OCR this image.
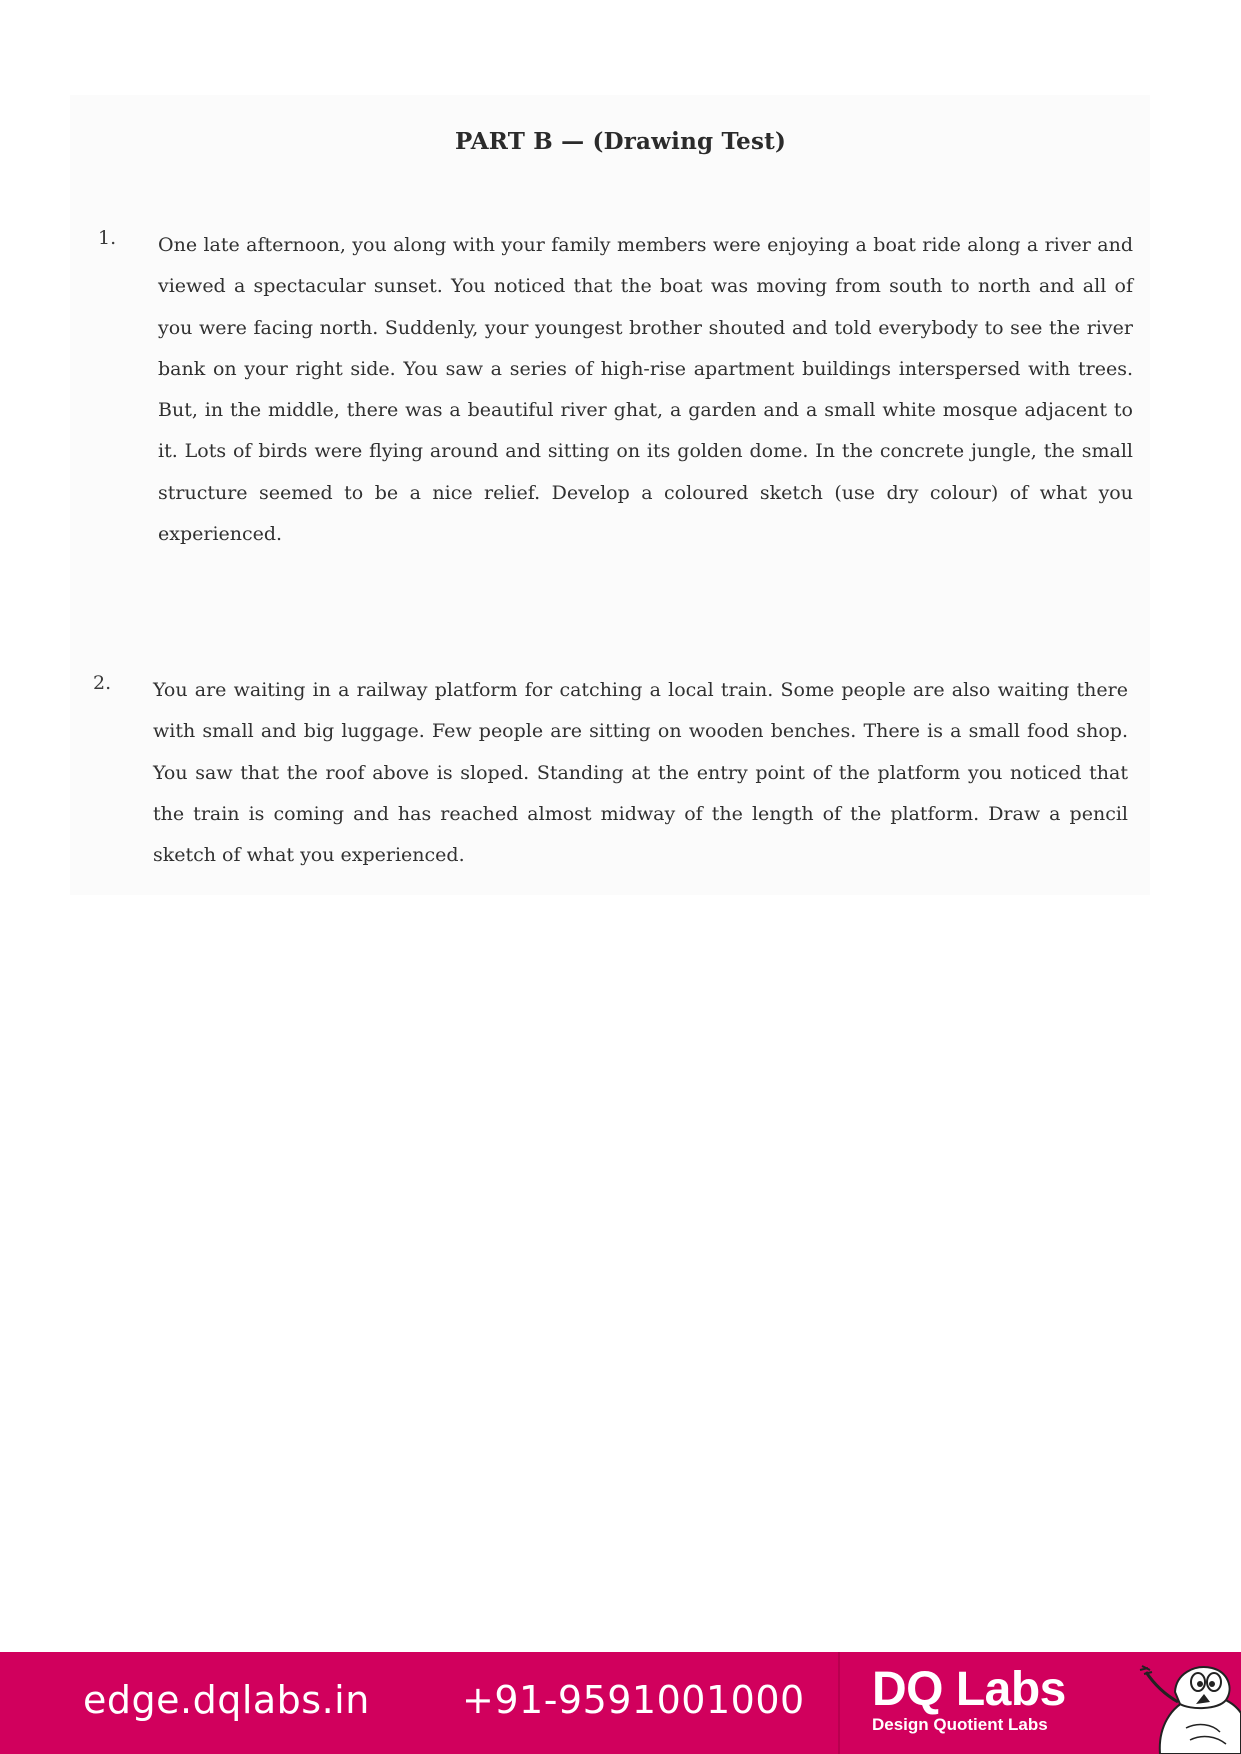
PART B — (Drawing Test)
1. One late afternoon, you along with your family members were enjoying a boat ride along a river and viewed a spectacular sunset. You noticed that the boat was moving from south to north and all of you were facing north. Suddenly, your youngest brother shouted and told everybody to see the river bank on your right side. You saw a series of high-rise apartment buildings interspersed with trees. But, in the middle, there was a beautiful river ghat, a garden and a small white mosque adjacent to it. Lots of birds were flying around and sitting on its golden dome. In the concrete jungle, the small structure seemed to be a nice relief. Develop a coloured sketch (use dry colour) of what you experienced.

2. You are waiting in a railway platform for catching a local train. Some people are also waiting there with small and big luggage. Few people are sitting on wooden benches. There is a small food shop. You saw that the roof above is sloped. Standing at the entry point of the platform you noticed that the train is coming and has reached almost midway of the length of the platform. Draw a pencil sketch of what you experienced.

edge.dqlabs.in +91-9591001000 DQ Labs
Design Quotient Labs
